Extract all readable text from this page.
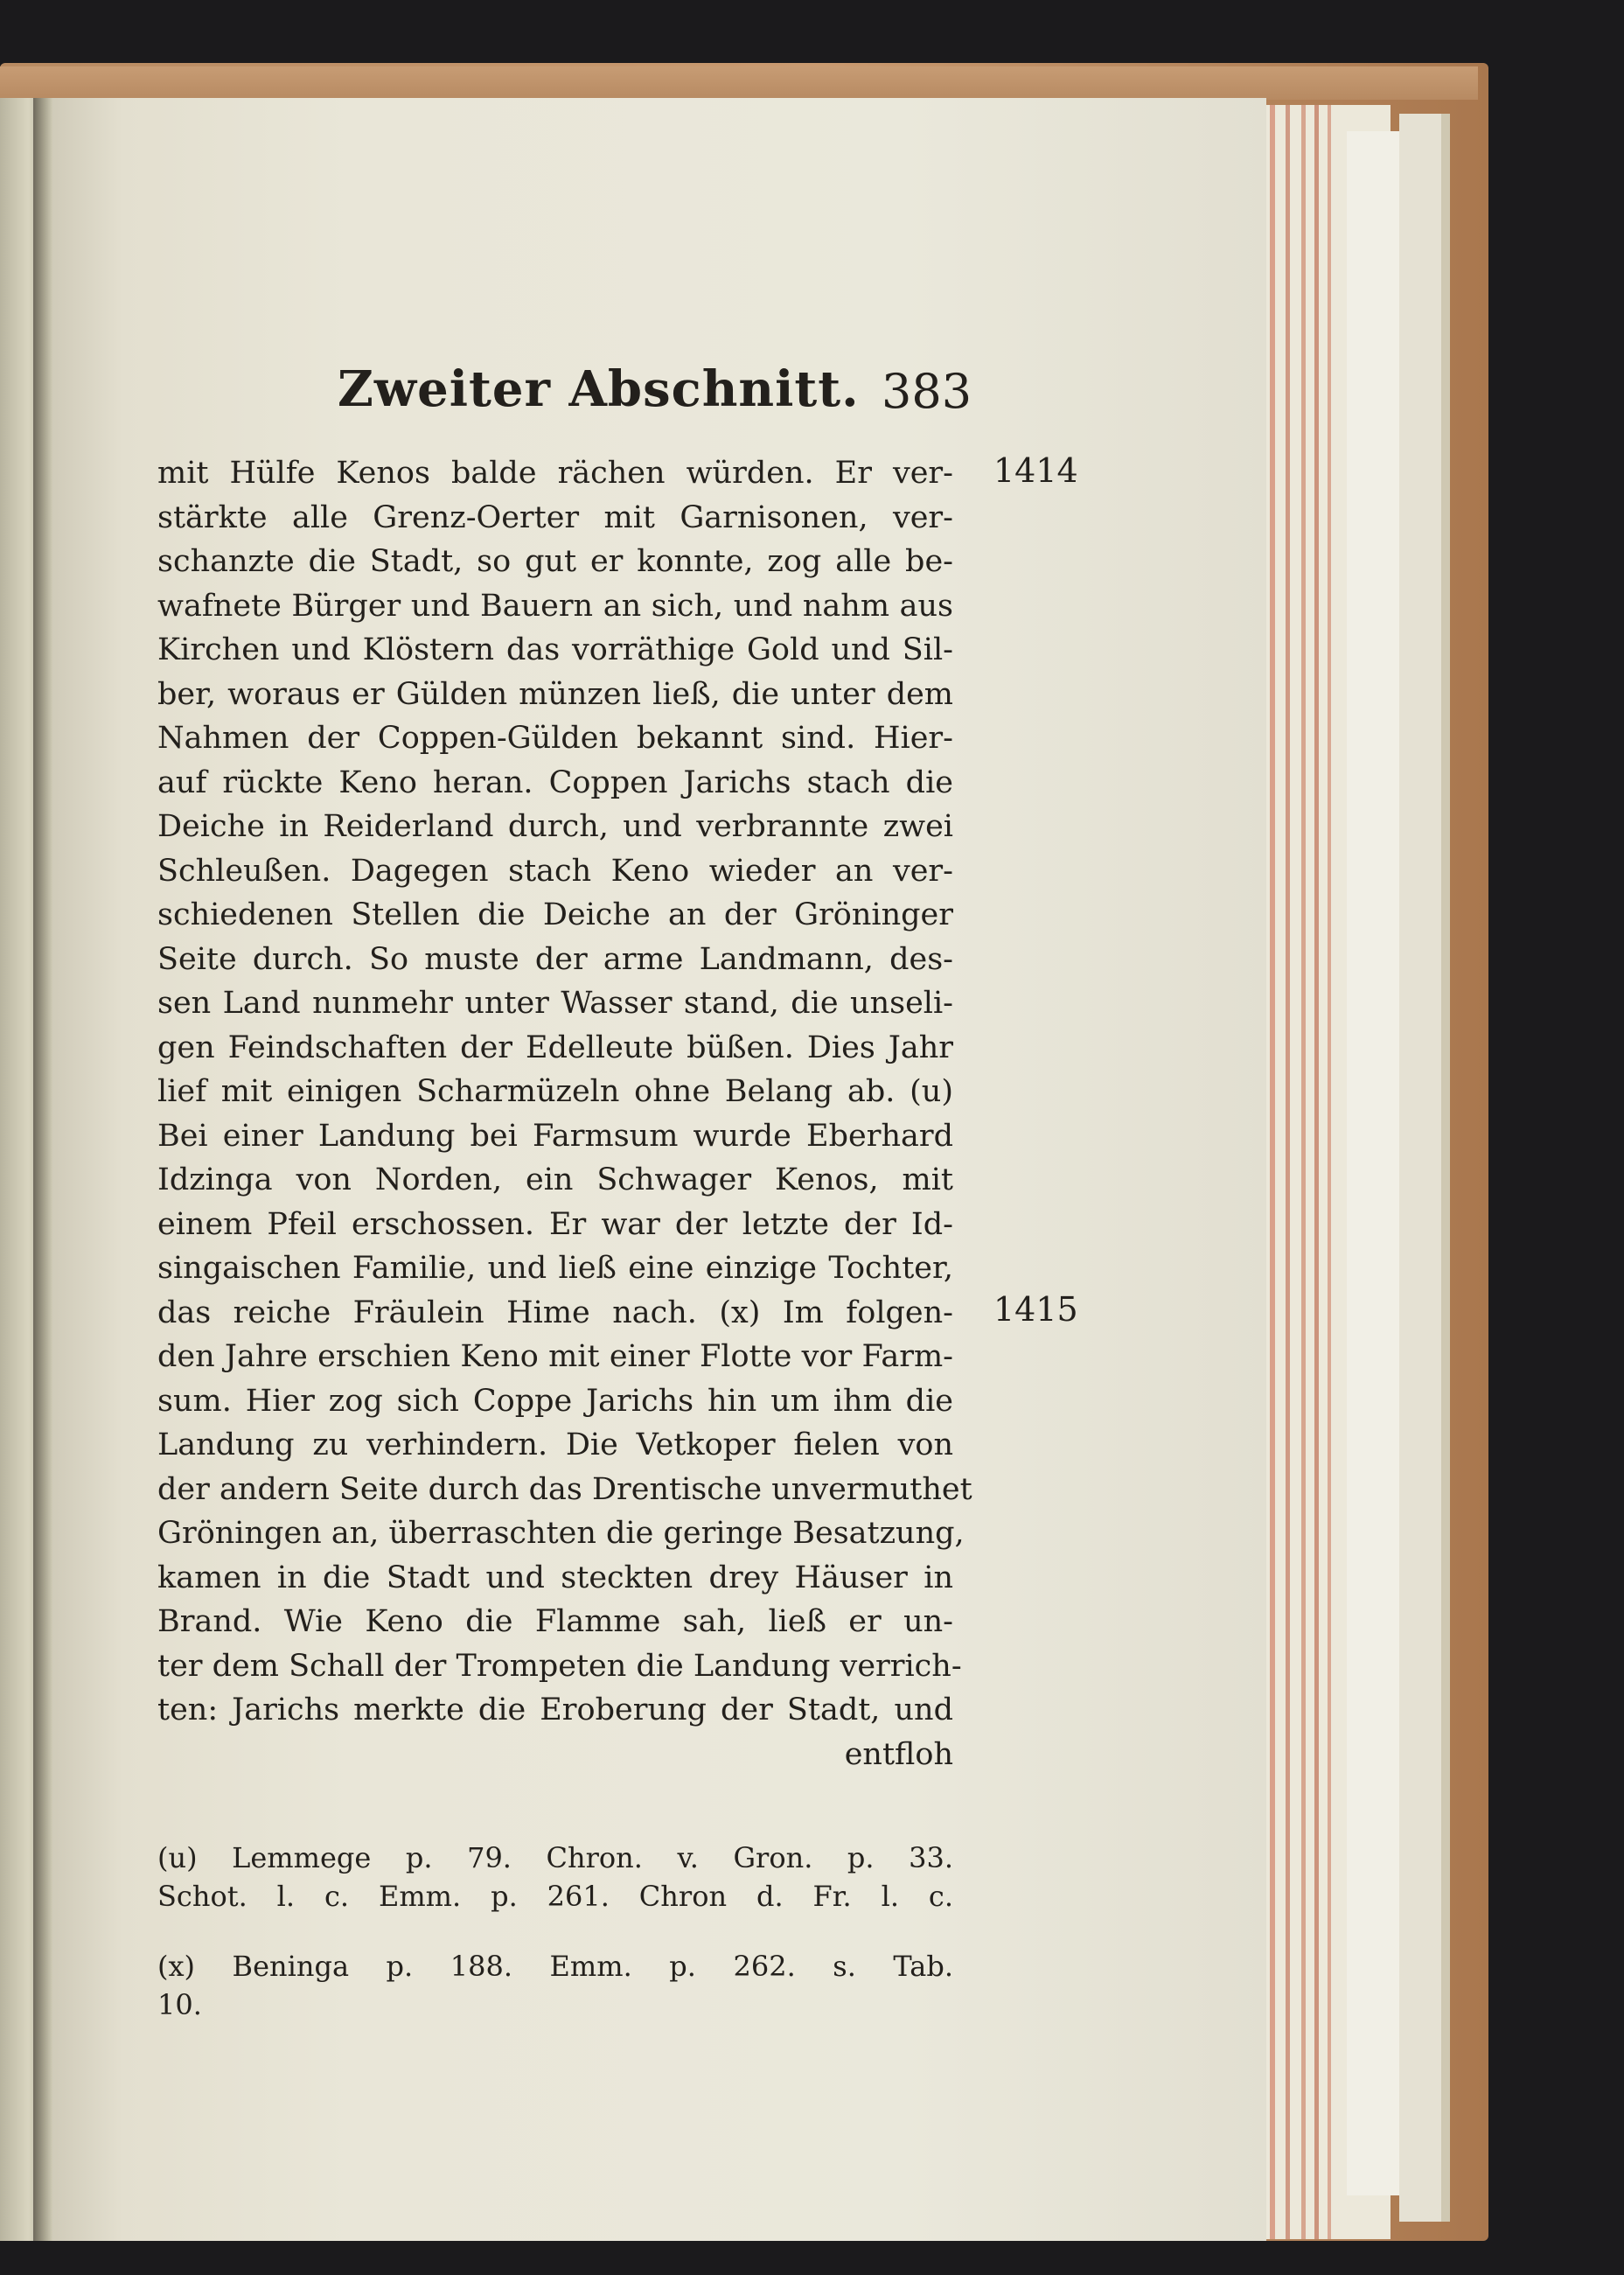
Zweiter Abschnitt. 383
mit Hülfe Kenos balde rächen würden. Er ver-
stärkte alle Grenz-Oerter mit Garnisonen, ver-
schanzte die Stadt, so gut er konnte, zog alle be-
wafnete Bürger und Bauern an sich, und nahm aus
Kirchen und Klöstern das vorräthige Gold und Sil-
ber, woraus er Gülden münzen ließ, die unter dem
Nahmen der Coppen-Gülden bekannt sind. Hier-
auf rückte Keno heran. Coppen Jarichs stach die
Deiche in Reiderland durch, und verbrannte zwei
Schleußen. Dagegen stach Keno wieder an ver-
schiedenen Stellen die Deiche an der Gröninger
Seite durch. So muste der arme Landmann, des-
sen Land nunmehr unter Wasser stand, die unseli-
gen Feindschaften der Edelleute büßen. Dies Jahr
lief mit einigen Scharmüzeln ohne Belang ab. (u)
Bei einer Landung bei Farmsum wurde Eberhard
Idzinga von Norden, ein Schwager Kenos, mit
einem Pfeil erschossen. Er war der letzte der Id-
singaischen Familie, und ließ eine einzige Tochter,
das reiche Fräulein Hime nach. (x) Im folgen-
den Jahre erschien Keno mit einer Flotte vor Farm-
sum. Hier zog sich Coppe Jarichs hin um ihm die
Landung zu verhindern. Die Vetkoper fielen von
der andern Seite durch das Drentische unvermuthet
Gröningen an, überraschten die geringe Besatzung,
kamen in die Stadt und steckten drey Häuser in
Brand. Wie Keno die Flamme sah, ließ er un-
ter dem Schall der Trompeten die Landung verrich-
ten: Jarichs merkte die Eroberung der Stadt, und
entfloh
1414
1415
(u) Lemmege p. 79. Chron. v. Gron. p. 33.
Schot. l. c. Emm. p. 261. Chron d. Fr. l. c.
(x) Beninga p. 188. Emm. p. 262. s. Tab.
10.
